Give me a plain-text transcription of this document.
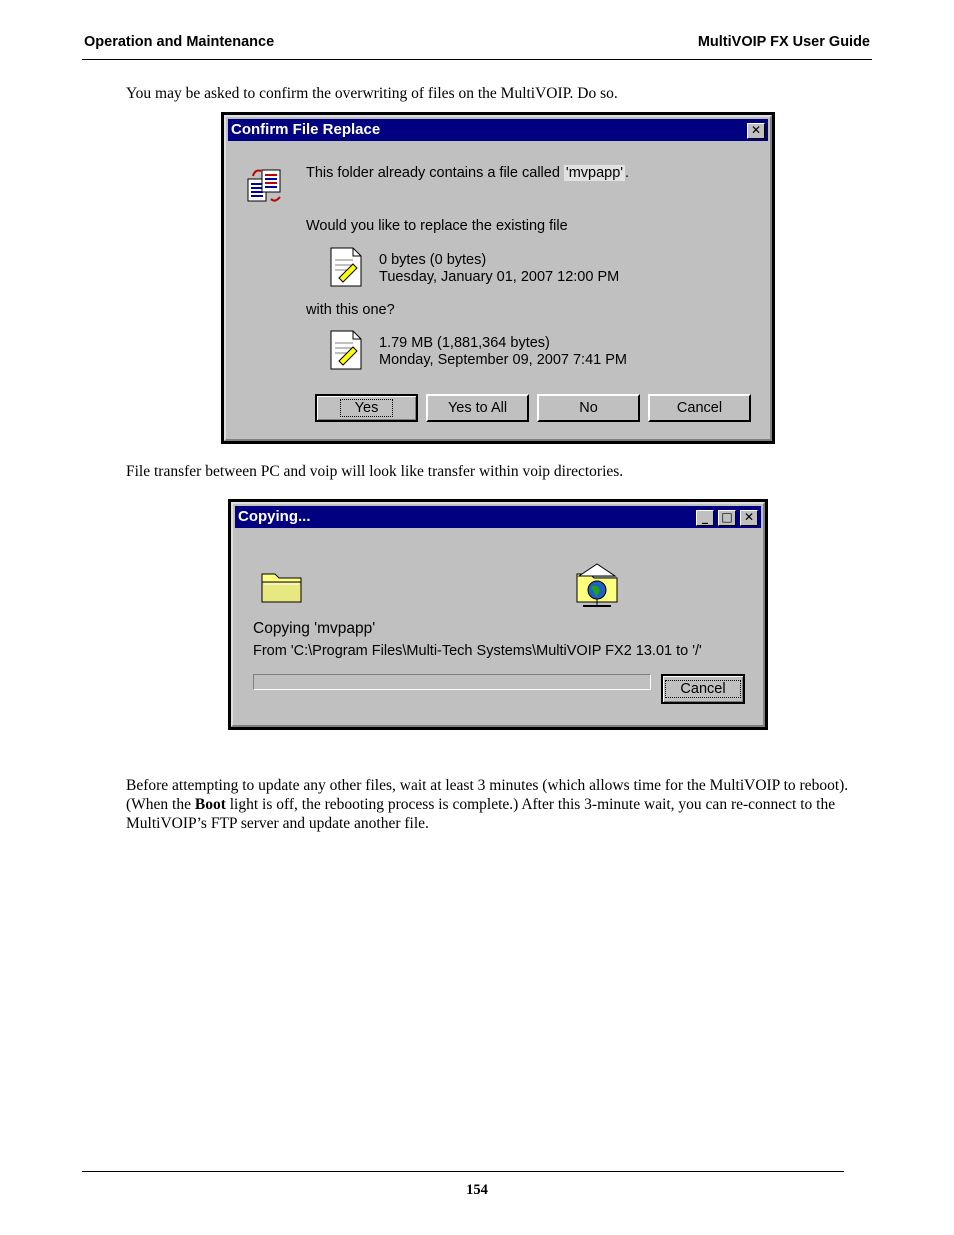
Operation and Maintenance	MultiVOIP FX User Guide
You may be asked to confirm the overwriting of files on the MultiVOIP. Do so.
Confirm File Replace	✕
This folder already contains a file called 'mvpapp' .
Would you like to replace the existing file
0 bytes (0 bytes)
Tuesday, January 01, 2007 12:00 PM
with this one?
1.79 MB (1,881,364 bytes)
Monday, September 09, 2007 7:41 PM
Yes	Yes to All	No	Cancel
File transfer between PC and voip will look like transfer within voip directories.
Copying...	_	□ ✕
Copying 'mvpapp'
From 'C:\Program Files\Multi-Tech Systems\MultiVOIP FX2 13.01 to '/'
Cancel
Before attempting to update any other files, wait at least 3 minutes (which allows time for the MultiVOIP to reboot). (When the Boot light is off, the rebooting process is complete.) After this 3-minute wait, you can re-connect to the MultiVOIP’s FTP server and update another file.
154
